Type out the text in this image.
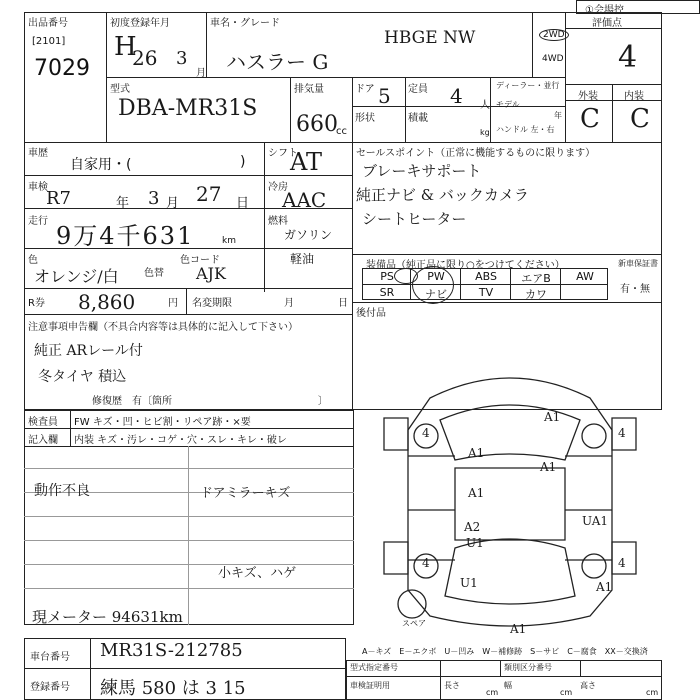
①会場控
出品番号
[2101]
7029
初度登録年月
H
26 3
月
車名・グレード
ハスラー G
HBGE NW	2WD
4WD
評価点
4
型式
DBA-MR31S
排気量
660
cc
ドア 5 定員 4 人
ディーラー・並行
モデル
年
ハンドル 左・右
形状	積載
kg
外装	内装
C C
車歴
自家用・(	)
シフト
AT
車検
R7	年 3 月 27 日
冷房
AAC
走行
9万4千631	km
燃料
ガソリン
軽油
色
オレンジ/白	色替
色コード
AJK
R券 8,860	円 名変期限	月	日
注意事項申告欄（不具合内容等は具体的に記入して下さい）
純正 ARレール付
冬タイヤ 積込
修復歴　有〔箇所	〕
セールスポイント（正常に機能するものに限ります）
ブレーキサポート
純正ナビ & バックカメラ
シートヒーター
装備品（純正品に限り○をつけてください）
PS	PW	ABS	エアB	AW
SR	ナビ	TV	カワ
新車保証書
有・無
後付品
検査員 FW キズ・凹・ヒビ割・リペア跡・×要
記入欄 内装 キズ・汚レ・コゲ・穴・スレ・キレ・破レ
動作不良	ドアミラーキズ
小キズ、ハゲ
現メーター 94631km
A1
A1
A1
A1
A2
U1
UA1
U1	A1
A1
4	4
4	4
スペア
A－キズ　E－エクボ　U－凹み　W－補修跡　S－サビ　C－腐食　XX－交換済
車台番号 MR31S-212785
登録番号 練馬 580 は 3 15
型式指定番号	類別区分番号
車検証明用	長さ
cm
幅
cm
高さ
cm
